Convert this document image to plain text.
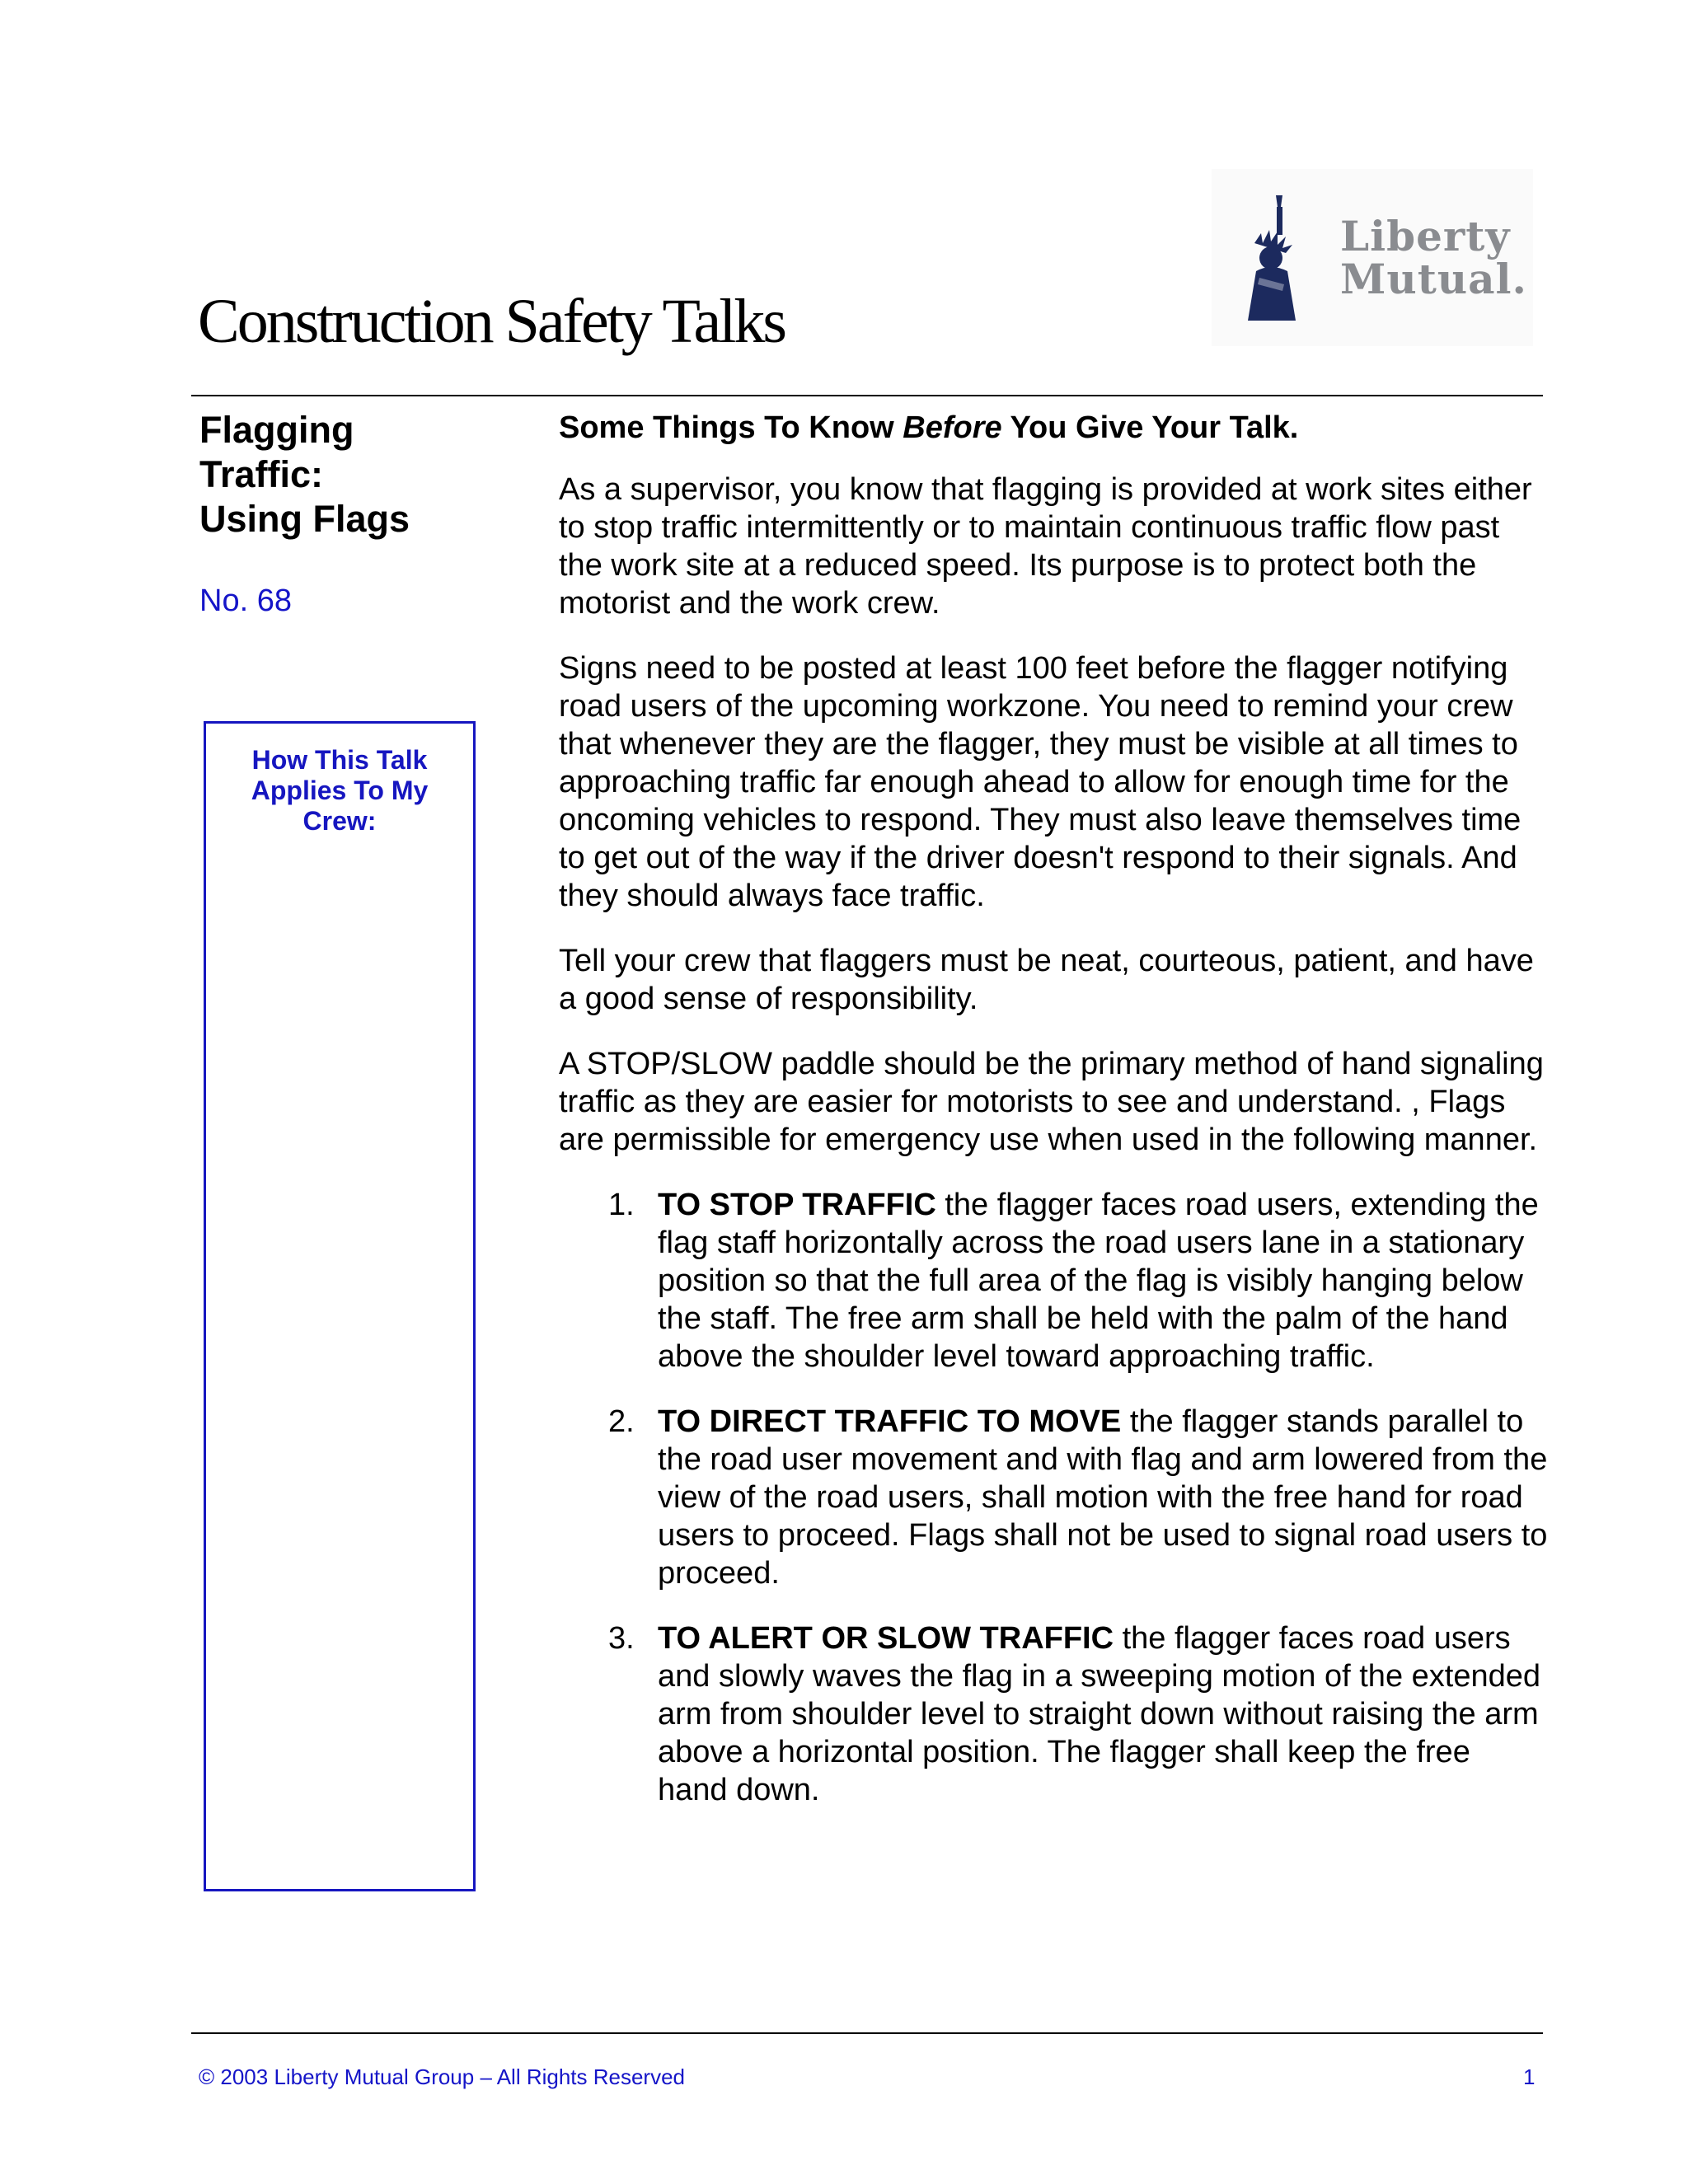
Liberty
Mutual.
Construction Safety Talks
Flagging
Traffic:
Using Flags
No. 68
How This Talk Applies To My Crew:
Some Things To Know Before You Give Your Talk.

As a supervisor, you know that flagging is provided at work sites either to stop traffic intermittently or to maintain continuous traffic flow past the work site at a reduced speed. Its purpose is to protect both the motorist and the work crew.

Signs need to be posted at least 100 feet before the flagger notifying road users of the upcoming workzone. You need to remind your crew that whenever they are the flagger, they must be visible at all times to approaching traffic far enough ahead to allow for enough time for the oncoming vehicles to respond. They must also leave themselves time to get out of the way if the driver doesn't respond to their signals. And they should always face traffic.

Tell your crew that flaggers must be neat, courteous, patient, and have a good sense of responsibility.

A STOP/SLOW paddle should be the primary method of hand signaling traffic as they are easier for motorists to see and understand. , Flags are permissible for emergency use when used in the following manner.

1. TO STOP TRAFFIC the flagger faces road users, extending the flag staff horizontally across the road users lane in a stationary position so that the full area of the flag is visibly hanging below the staff. The free arm shall be held with the palm of the hand above the shoulder level toward approaching traffic.
2. TO DIRECT TRAFFIC TO MOVE the flagger stands parallel to the road user movement and with flag and arm lowered from the view of the road users, shall motion with the free hand for road users to proceed. Flags shall not be used to signal road users to proceed.
3. TO ALERT OR SLOW TRAFFIC the flagger faces road users and slowly waves the flag in a sweeping motion of the extended arm from shoulder level to straight down without raising the arm above a horizontal position. The flagger shall keep the free hand down.
© 2003 Liberty Mutual Group – All Rights Reserved	1
